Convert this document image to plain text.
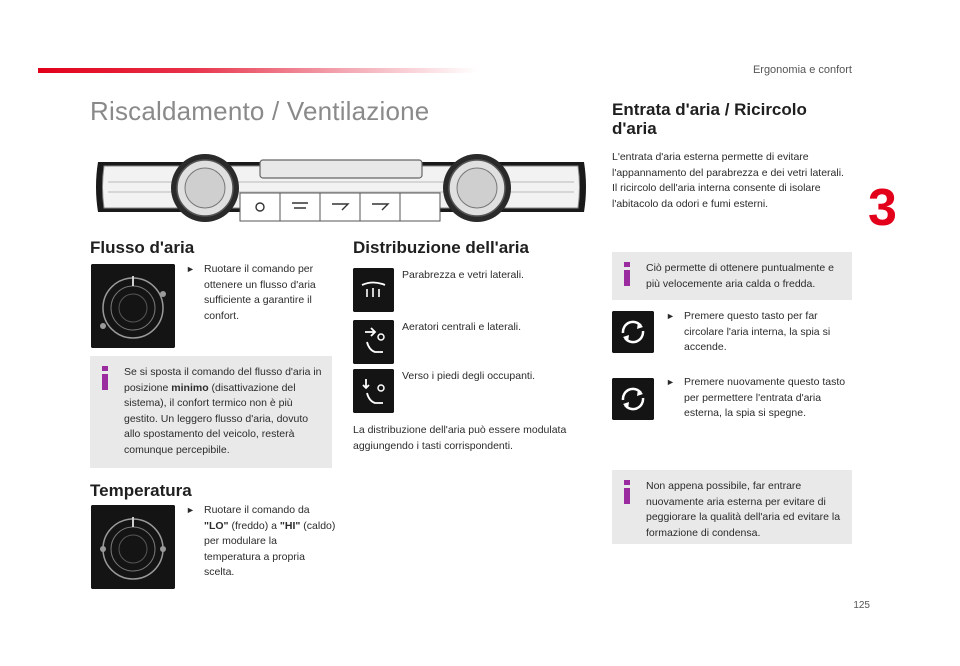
Ergonomia e confort
3
125
Riscaldamento / Ventilazione
Flusso d'aria
► Ruotare il comando per ottenere un flusso d'aria sufficiente a garantire il confort.
Se si sposta il comando del flusso d'aria in posizione minimo (disattivazione del sistema), il confort termico non è più gestito. Un leggero flusso d'aria, dovuto allo spostamento del veicolo, resterà comunque percepibile.
Temperatura
► Ruotare il comando da "LO" (freddo) a "HI" (caldo) per modulare la temperatura a propria scelta.
Distribuzione dell'aria
Parabrezza e vetri laterali.
Aeratori centrali e laterali.
Verso i piedi degli occupanti.
La distribuzione dell'aria può essere modulata aggiungendo i tasti corrispondenti.
Entrata d'aria / Ricircolo d'aria
L'entrata d'aria esterna permette di evitare l'appannamento del parabrezza e dei vetri laterali.
Il ricircolo dell'aria interna consente di isolare l'abitacolo da odori e fumi esterni.
Ciò permette di ottenere puntualmente e più velocemente aria calda o fredda.
► Premere questo tasto per far circolare l'aria interna, la spia si accende.
► Premere nuovamente questo tasto per permettere l'entrata d'aria esterna, la spia si spegne.
Non appena possibile, far entrare nuovamente aria esterna per evitare di peggiorare la qualità dell'aria ed evitare la formazione di condensa.
